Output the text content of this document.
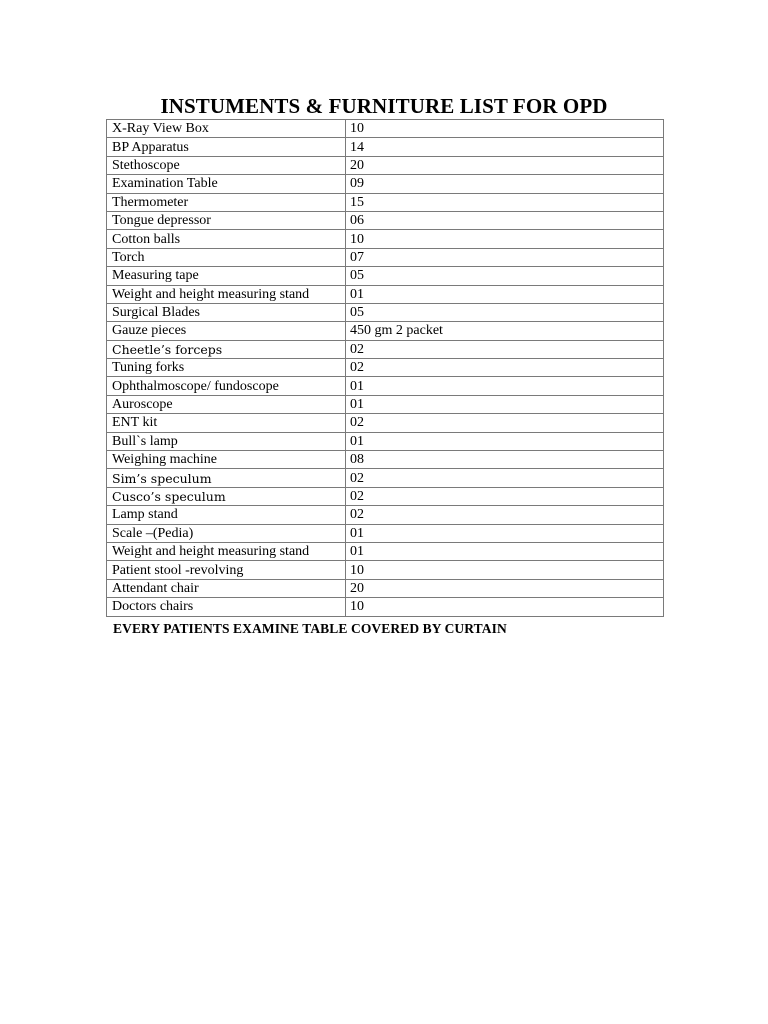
INSTUMENTS & FURNITURE LIST FOR OPD
X-Ray View Box	10
BP Apparatus	14
Stethoscope	20
Examination Table	09
Thermometer	15
Tongue depressor	06
Cotton balls	10
Torch	07
Measuring tape	05
Weight and height measuring stand	01
Surgical Blades	05
Gauze pieces	450 gm 2 packet
Cheetle’s forceps	02
Tuning forks	02
Ophthalmoscope/ fundoscope	01
Auroscope	01
ENT kit	02
Bull`s lamp	01
Weighing machine	08
Sim’s speculum	02
Cusco’s speculum	02
Lamp stand	02
Scale –(Pedia)	01
Weight and height measuring stand	01
Patient stool -revolving	10
Attendant chair	20
Doctors chairs	10
EVERY PATIENTS EXAMINE TABLE COVERED BY CURTAIN
